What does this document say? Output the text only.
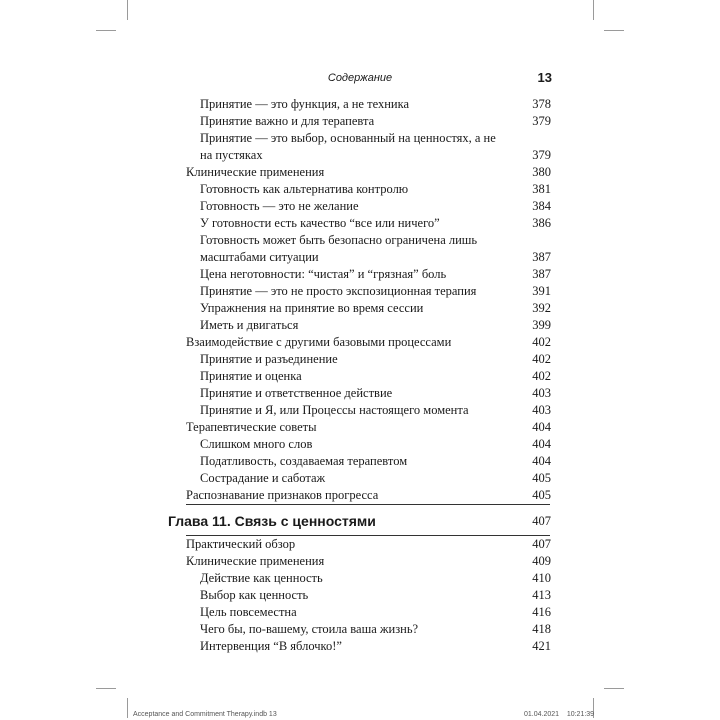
Содержание	13
Принятие — это функция, а не техника	378
Принятие важно и для терапевта	379
Принятие — это выбор, основанный на ценностях, а не на пустяках	379
Клинические применения	380
Готовность как альтернатива контролю	381
Готовность — это не желание	384
У готовности есть качество “все или ничего”	386
Готовность может быть безопасно ограничена лишь масштабами ситуации	387
Цена неготовности: “чистая” и “грязная” боль	387
Принятие — это не просто экспозиционная терапия	391
Упражнения на принятие во время сессии	392
Иметь и двигаться	399
Взаимодействие с другими базовыми процессами	402
Принятие и разъединение	402
Принятие и оценка	402
Принятие и ответственное действие	403
Принятие и Я, или Процессы настоящего момента	403
Терапевтические советы	404
Слишком много слов	404
Податливость, создаваемая терапевтом	404
Сострадание и саботаж	405
Распознавание признаков прогресса	405
Глава 11. Связь с ценностями	407
Практический обзор	407
Клинические применения	409
Действие как ценность	410
Выбор как ценность	413
Цель повсеместна	416
Чего бы, по-вашему, стоила ваша жизнь?	418
Интервенция “В яблочко!”	421
Acceptance and Commitment Therapy.indb 13	01.04.2021 10:21:39
